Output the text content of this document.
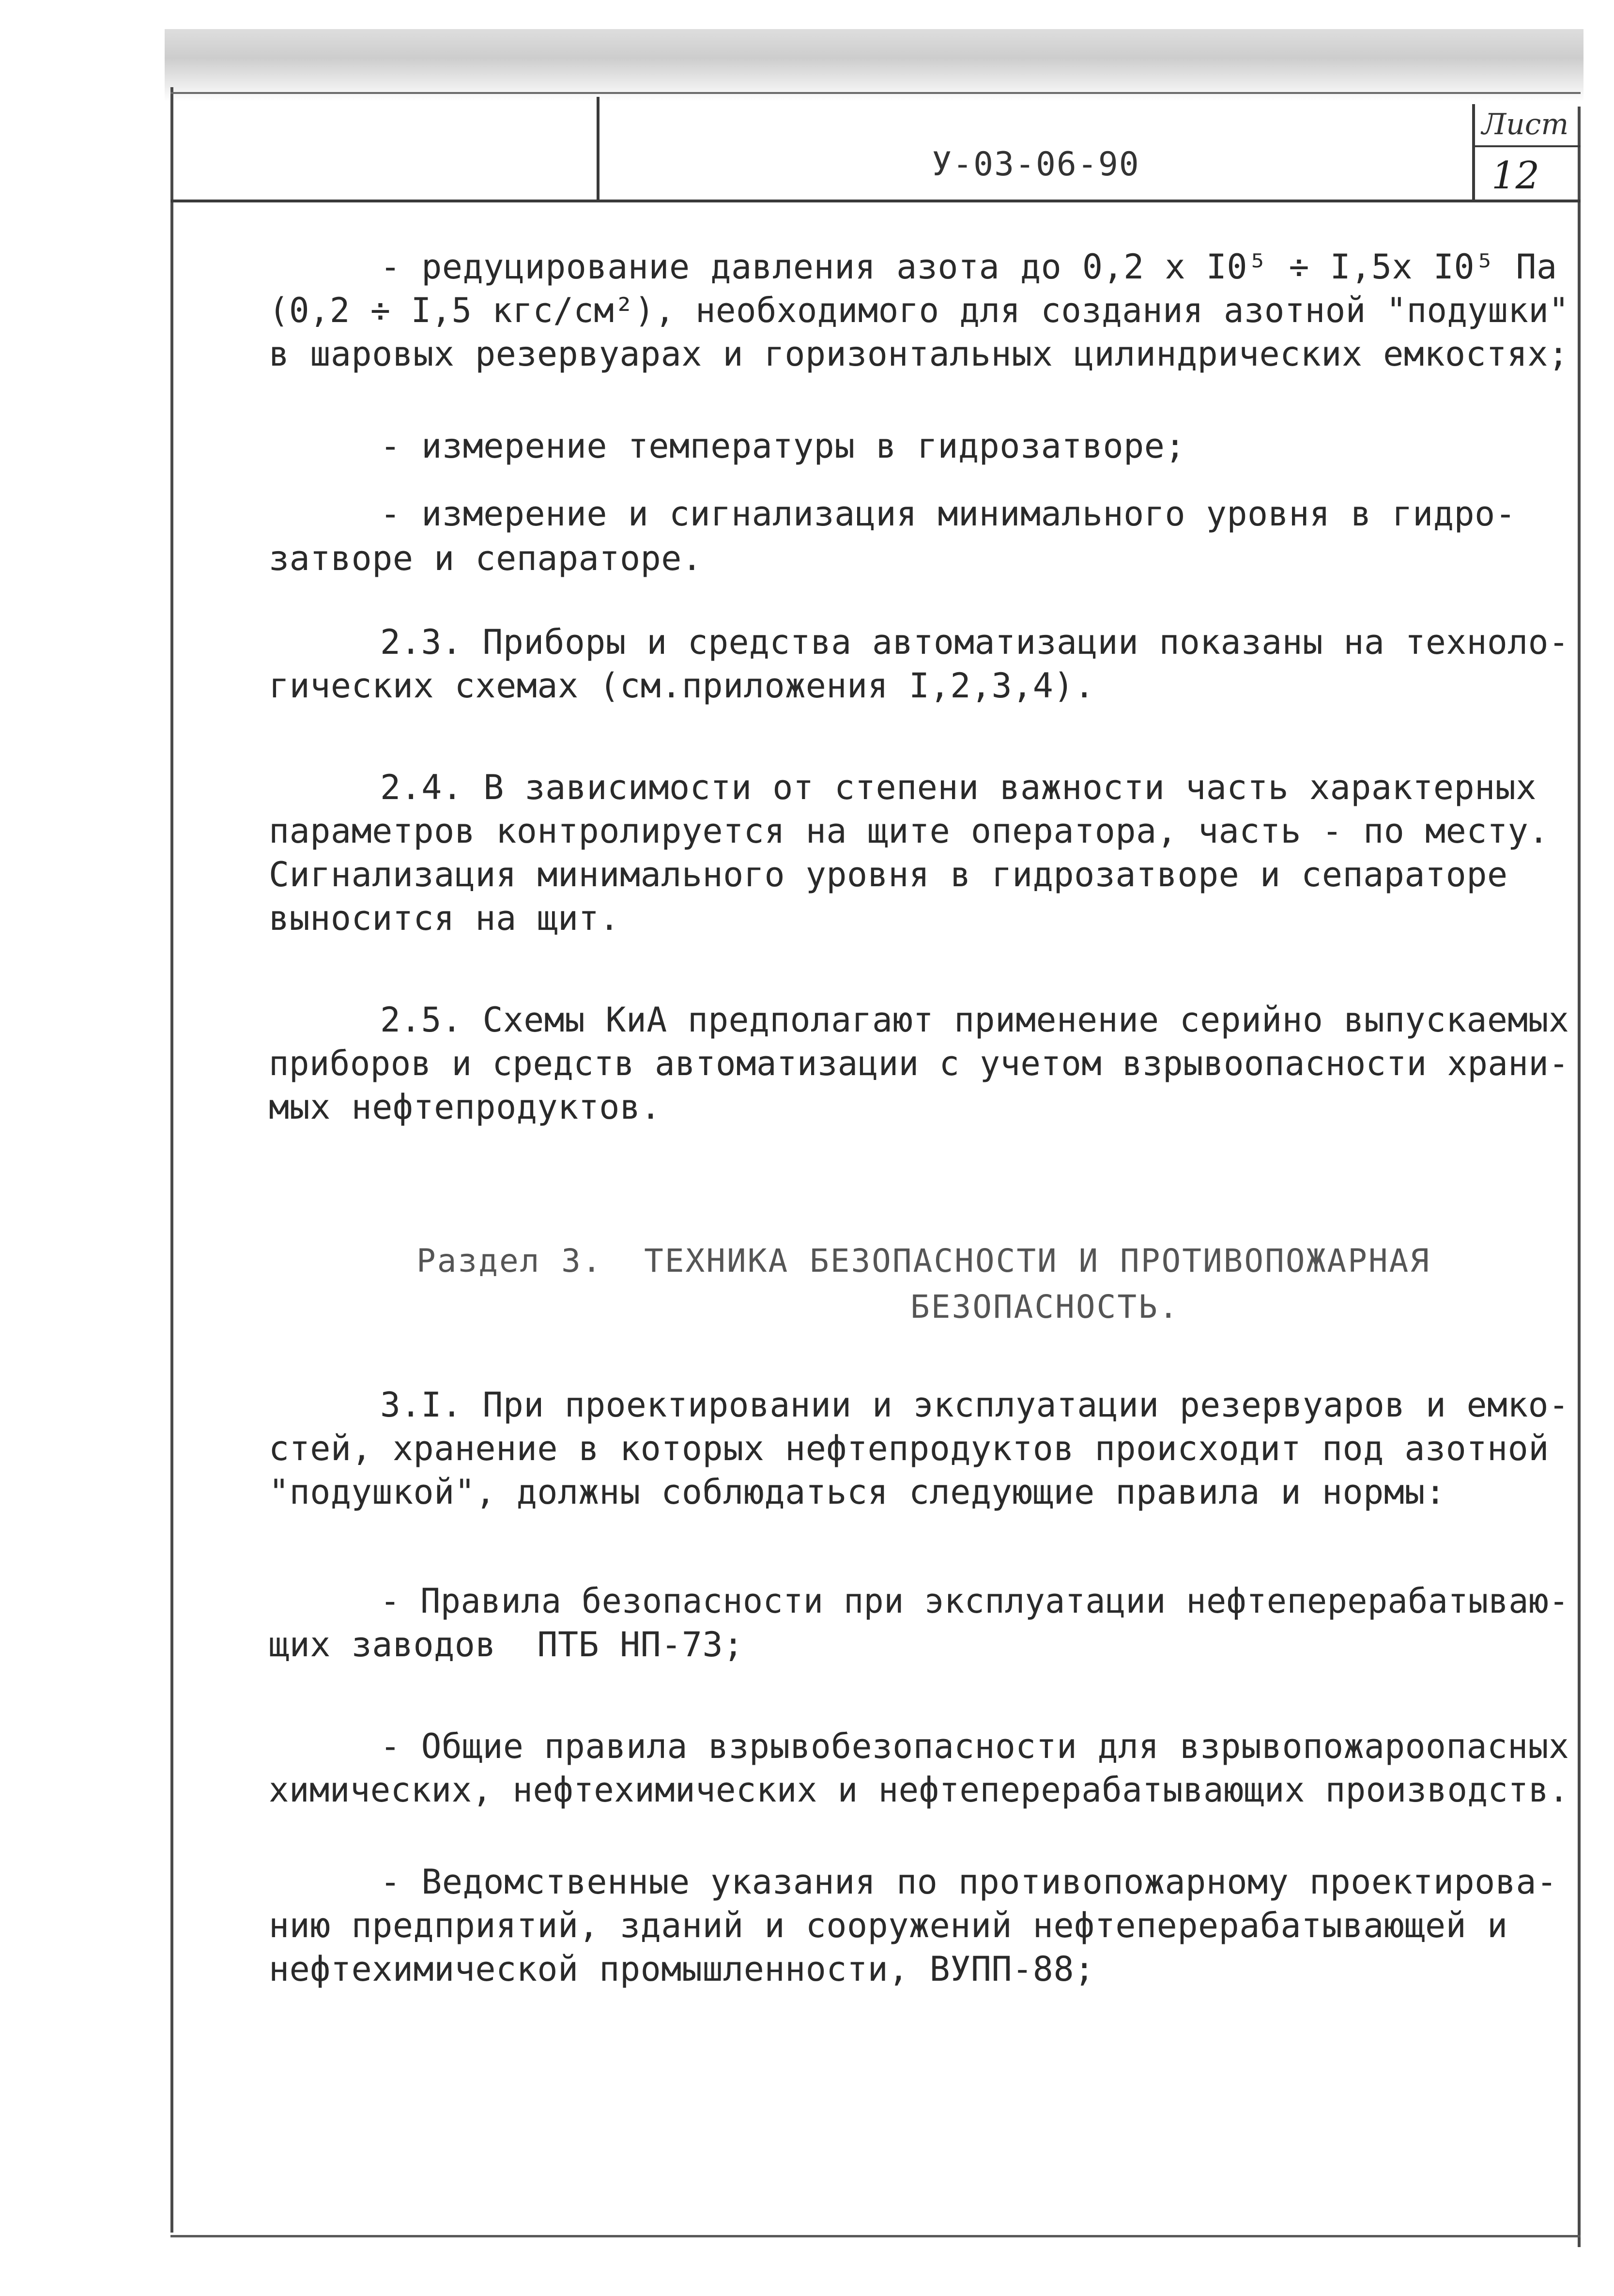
У-03-06-90
Лист
12
- редуцирование давления азота до 0,2 х I0⁵ ÷ I,5х I0⁵ Па
(0,2 ÷ I,5 кгс/см²), необходимого для создания азотной "подушки"
в шаровых резервуарах и горизонтальных цилиндрических емкостях;
- измерение температуры в гидрозатворе;
- измерение и сигнализация минимального уровня в гидро-
затворе и сепараторе.
2.3. Приборы и средства автоматизации показаны на техноло-
гических схемах (см.приложения I,2,3,4).
2.4. В зависимости от степени важности часть характерных
параметров контролируется на щите оператора, часть - по месту.
Сигнализация минимального уровня в гидрозатворе и сепараторе
выносится на щит.
2.5. Схемы КиА предполагают применение серийно выпускаемых
приборов и средств автоматизации с учетом взрывоопасности храни-
мых нефтепродуктов.
Раздел 3.  ТЕХНИКА БЕЗОПАСНОСТИ И ПРОТИВОПОЖАРНАЯ
БЕЗОПАСНОСТЬ.
3.I. При проектировании и эксплуатации резервуаров и емко-
стей, хранение в которых нефтепродуктов происходит под азотной
"подушкой", должны соблюдаться следующие правила и нормы:
- Правила безопасности при эксплуатации нефтеперерабатываю-
щих заводов  ПТБ НП-73;
- Общие правила взрывобезопасности для взрывопожароопасных
химических, нефтехимических и нефтеперерабатывающих производств.
- Ведомственные указания по противопожарному проектирова-
нию предприятий, зданий и сооружений нефтеперерабатывающей и
нефтехимической промышленности, ВУПП-88;
